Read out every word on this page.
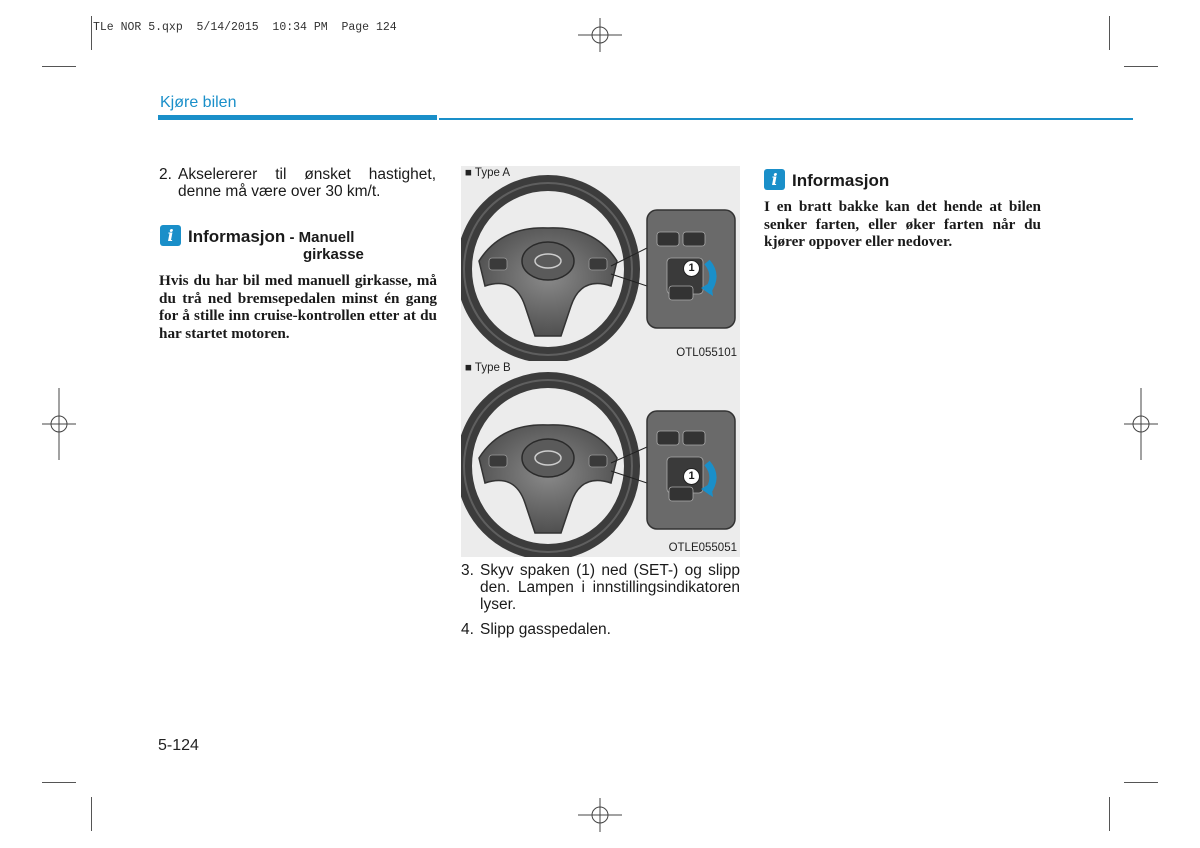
TLe NOR 5.qxp  5/14/2015  10:34 PM  Page 124
Kjøre bilen
2. Akselererer til ønsket hastighet, denne må være over 30 km/t.
i Informasjon - Manuell
girkasse
Hvis du har bil med manuell girkasse, må du trå ned bremsepedalen minst én gang for å stille inn cruise-kontrollen etter at du har startet motoren.
■ Type A
1
OTL055101
■ Type B
1
OTLE055051
3. Skyv spaken (1) ned (SET-) og slipp den. Lampen i innstillingsindikatoren lyser.
4. Slipp gasspedalen.
i Informasjon
I en bratt bakke kan det hende at bilen senker farten, eller øker farten når du kjører oppover eller nedover.
5-124
